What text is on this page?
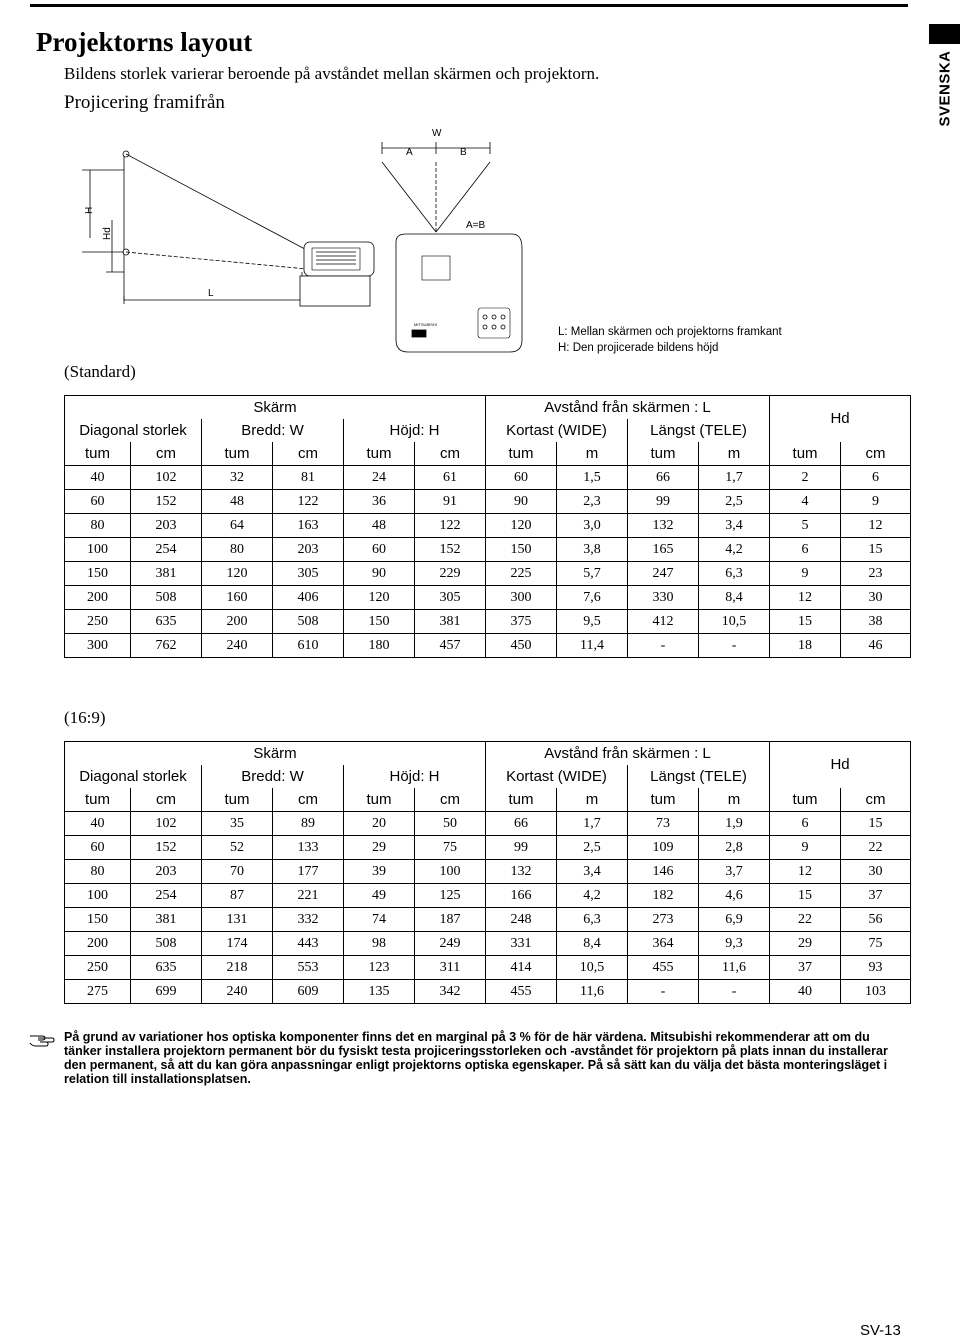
SVENSKA
Projektorns layout
Bildens storlek varierar beroende på avståndet mellan skärmen och projektorn.
Projicering framifrån
W
A	B
A=B
L
H
Hd
MITSUBISHI
L: Mellan skärmen och projektorns framkant
H: Den projicerade bildens höjd
(Standard)
Skärm						Avstånd från skärmen : L				Hd	
Diagonal storlek		Bredd: W		Höjd: H		Kortast (WIDE)		Längst (TELE)			
tum	cm	tum	cm	tum	cm	tum	m	tum	m	tum	cm
40	102	32	81	24	61	60	1,5	66	1,7	2	6
60	152	48	122	36	91	90	2,3	99	2,5	4	9
80	203	64	163	48	122	120	3,0	132	3,4	5	12
100	254	80	203	60	152	150	3,8	165	4,2	6	15
150	381	120	305	90	229	225	5,7	247	6,3	9	23
200	508	160	406	120	305	300	7,6	330	8,4	12	30
250	635	200	508	150	381	375	9,5	412	10,5	15	38
300	762	240	610	180	457	450	11,4	-	-	18	46
(16:9)
Skärm						Avstånd från skärmen : L				Hd	
Diagonal storlek		Bredd: W		Höjd: H		Kortast (WIDE)		Längst (TELE)			
tum	cm	tum	cm	tum	cm	tum	m	tum	m	tum	cm
40	102	35	89	20	50	66	1,7	73	1,9	6	15
60	152	52	133	29	75	99	2,5	109	2,8	9	22
80	203	70	177	39	100	132	3,4	146	3,7	12	30
100	254	87	221	49	125	166	4,2	182	4,6	15	37
150	381	131	332	74	187	248	6,3	273	6,9	22	56
200	508	174	443	98	249	331	8,4	364	9,3	29	75
250	635	218	553	123	311	414	10,5	455	11,6	37	93
275	699	240	609	135	342	455	11,6	-	-	40	103
På grund av variationer hos optiska komponenter finns det en marginal på 3 % för de här värdena. Mitsubishi rekommenderar att om du tänker installera projektorn permanent bör du fysiskt testa projiceringsstorleken och -avståndet för projektorn på plats innan du installerar den permanent, så att du kan göra anpassningar enligt projektorns optiska egenskaper. På så sätt kan du välja det bästa monteringsläget i relation till installationsplatsen.
SV-13
